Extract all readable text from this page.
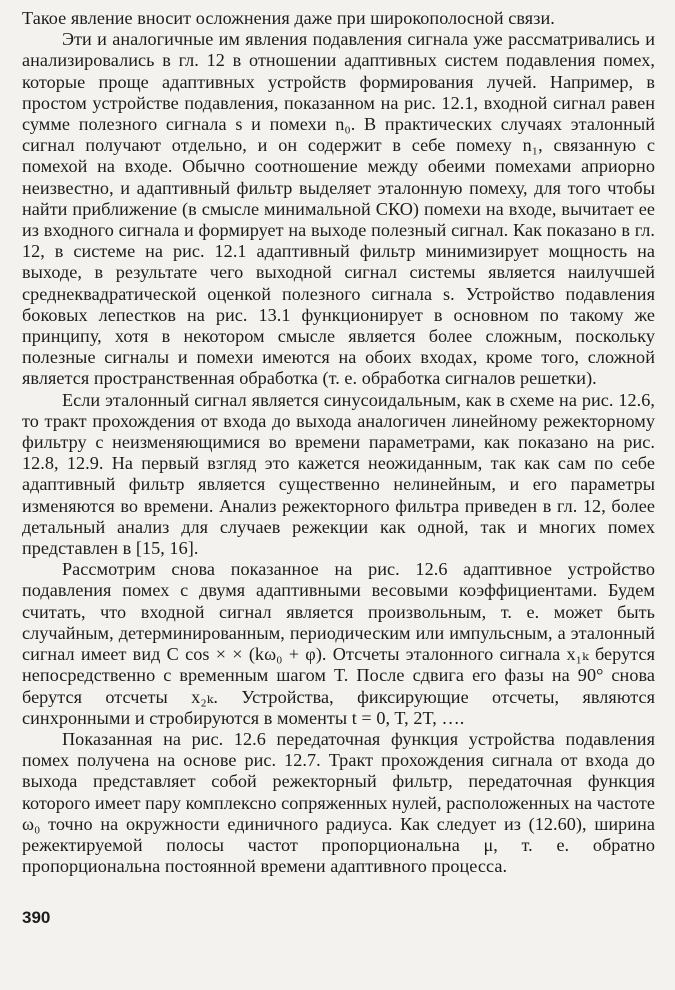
Такое явление вносит осложнения даже при широкополосной связи.

Эти и аналогичные им явления подавления сигнала уже рассматривались и анализировались в гл. 12 в отношении адаптивных систем подавления помех, которые проще адаптивных устройств формирования лучей. Например, в простом устройстве подавления, показанном на рис. 12.1, входной сигнал равен сумме полезного сигнала s и помехи n₀. В практических случаях эталонный сигнал получают отдельно, и он содержит в себе помеху n₁, связанную с помехой на входе. Обычно соотношение между обеими помехами априорно неизвестно, и адаптивный фильтр выделяет эталонную помеху, для того чтобы найти приближение (в смысле минимальной СКО) помехи на входе, вычитает ее из входного сигнала и формирует на выходе полезный сигнал. Как показано в гл. 12, в системе на рис. 12.1 адаптивный фильтр минимизирует мощность на выходе, в результате чего выходной сигнал системы является наилучшей среднеквадратической оценкой полезного сигнала s. Устройство подавления боковых лепестков на рис. 13.1 функционирует в основном по такому же принципу, хотя в некотором смысле является более сложным, поскольку полезные сигналы и помехи имеются на обоих входах, кроме того, сложной является пространственная обработка (т. е. обработка сигналов решетки).

Если эталонный сигнал является синусоидальным, как в схеме на рис. 12.6, то тракт прохождения от входа до выхода аналогичен линейному режекторному фильтру с неизменяющимися во времени параметрами, как показано на рис. 12.8, 12.9. На первый взгляд это кажется неожиданным, так как сам по себе адаптивный фильтр является существенно нелинейным, и его параметры изменяются во времени. Анализ режекторного фильтра приведен в гл. 12, более детальный анализ для случаев режекции как одной, так и многих помех представлен в [15, 16].

Рассмотрим снова показанное на рис. 12.6 адаптивное устройство подавления помех с двумя адаптивными весовыми коэффициентами. Будем считать, что входной сигнал является произвольным, т. е. может быть случайным, детерминированным, периодическим или импульсным, а эталонный сигнал имеет вид C cos × × (kω₀ + φ). Отсчеты эталонного сигнала x₁ₖ берутся непосредственно с временным шагом T. После сдвига его фазы на 90° снова берутся отсчеты x₂ₖ. Устройства, фиксирующие отсчеты, являются синхронными и стробируются в моменты t = 0, T, 2T, ….

Показанная на рис. 12.6 передаточная функция устройства подавления помех получена на основе рис. 12.7. Тракт прохождения сигнала от входа до выхода представляет собой режекторный фильтр, передаточная функция которого имеет пару комплексно сопряженных нулей, расположенных на частоте ω₀ точно на окружности единичного радиуса. Как следует из (12.60), ширина режектируемой полосы частот пропорциональна μ, т. е. обратно пропорциональна постоянной времени адаптивного процесса.

390
